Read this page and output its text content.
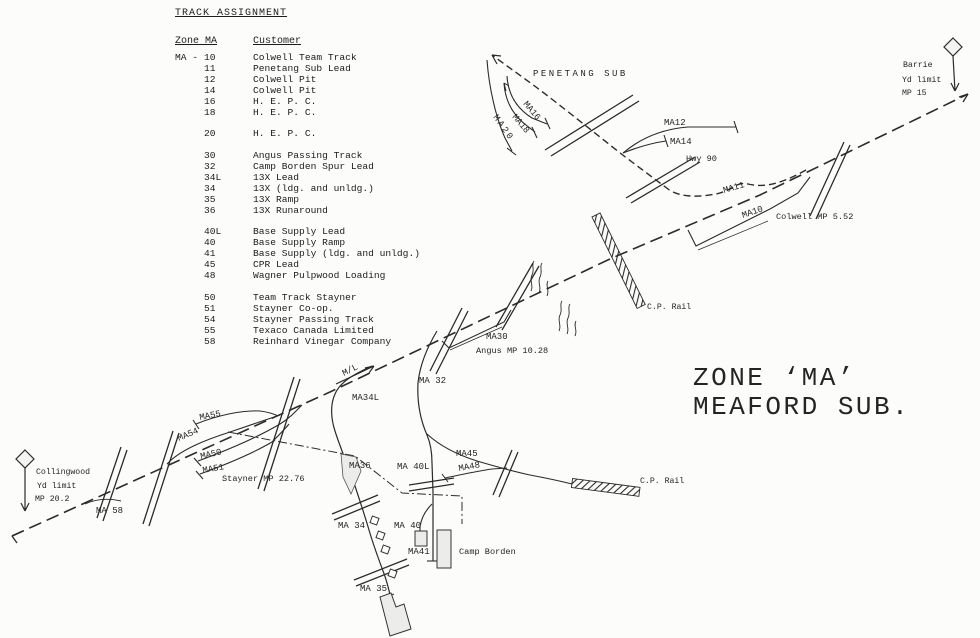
PENETANG SUB
MA16
MA18
MA20	MA12
MA14
Hwy 90
MA11
MA10 Colwell MP 5.52
Barrie
Yd limit
MP 15
C.P. Rail
MA30
Angus MP 10.28
M/L
MA34L
MA 32
MA45
MA48
C.P. Rail
MA36	MA 40L
MA 34	MA 40
MA41	Camp Borden
MA 35
MA55
MA54
MA50
MA51
Stayner MP 22.76
MA 58
Collingwood
Yd limit
MP 20.2
ZONE ‘MA’
MEAFORD SUB.
TRACK ASSIGNMENT
Zone MA	Customer
MA - 10	Colwell Team Track
11	Penetang Sub Lead
12	Colwell Pit
14	Colwell Pit
16	H. E. P. C.
18	H. E. P. C.
20	H. E. P. C.
30	Angus Passing Track
32	Camp Borden Spur Lead
34L	13X Lead
34	13X (ldg. and unldg.)
35	13X Ramp
36	13X Runaround
40L	Base Supply Lead
40	Base Supply Ramp
41	Base Supply (ldg. and unldg.)
45	CPR Lead
48	Wagner Pulpwood Loading
50	Team Track Stayner
51	Stayner Co-op.
54	Stayner Passing Track
55	Texaco Canada Limited
58	Reinhard Vinegar Company
